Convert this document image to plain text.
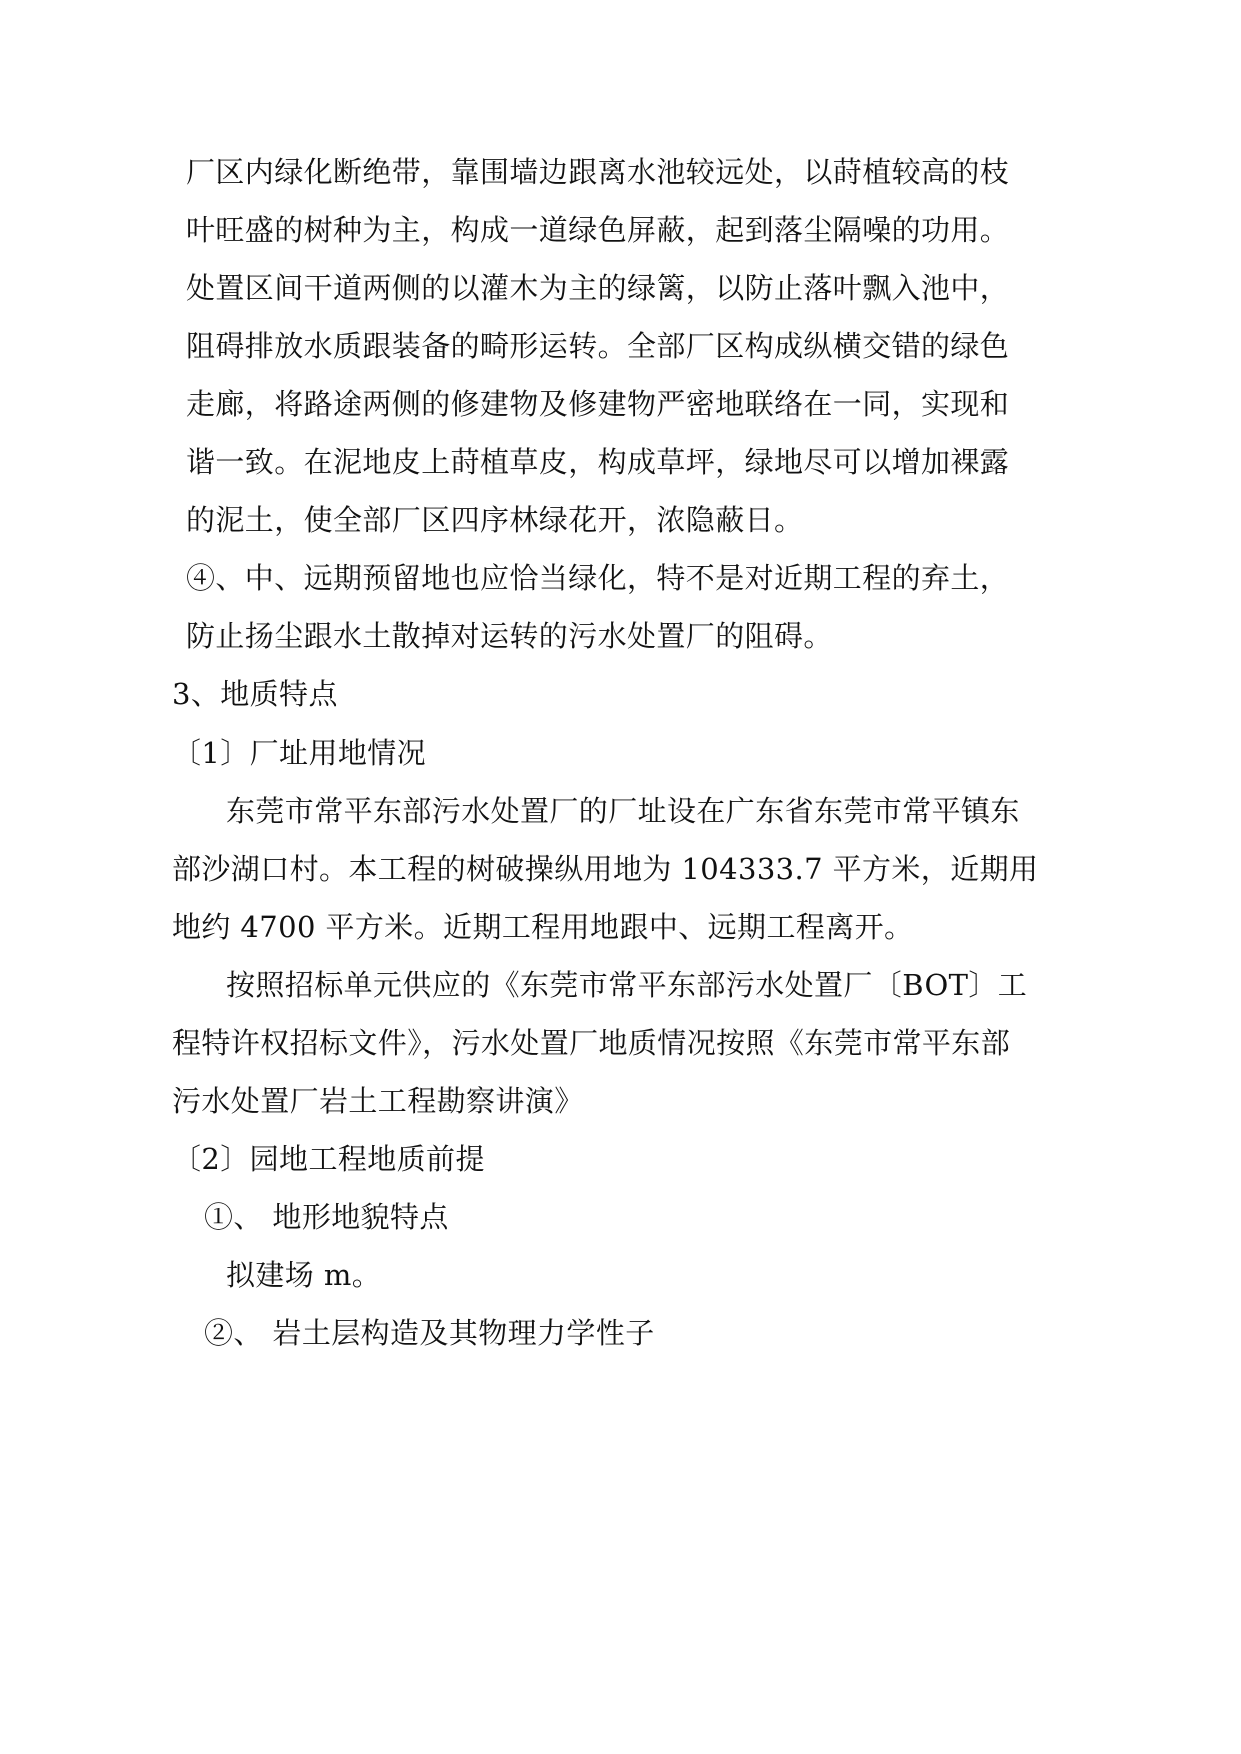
厂区内绿化断绝带，靠围墙边跟离水池较远处，以莳植较高的枝
叶旺盛的树种为主，构成一道绿色屏蔽，起到落尘隔噪的功用。
处置区间干道两侧的以灌木为主的绿篱，以防止落叶飘入池中，
阻碍排放水质跟装备的畸形运转。全部厂区构成纵横交错的绿色
走廊，将路途两侧的修建物及修建物严密地联络在一同，实现和
谐一致。在泥地皮上莳植草皮，构成草坪，绿地尽可以增加裸露
的泥土，使全部厂区四序林绿花开，浓隐蔽日。
④、中、远期预留地也应恰当绿化，特不是对近期工程的弃土，
防止扬尘跟水土散掉对运转的污水处置厂的阻碍。
3、地质特点
〔1〕厂址用地情况
东莞市常平东部污水处置厂的厂址设在广东省东莞市常平镇东
部沙湖口村。本工程的树破操纵用地为 104333.7 平方米，近期用
地约 4700 平方米。近期工程用地跟中、远期工程离开。
按照招标单元供应的《东莞市常平东部污水处置厂〔BOT〕工
程特许权招标文件》，污水处置厂地质情况按照《东莞市常平东部
污水处置厂岩土工程勘察讲演》
〔2〕园地工程地质前提
①、 地形地貌特点
拟建场 m。
②、 岩土层构造及其物理力学性子
